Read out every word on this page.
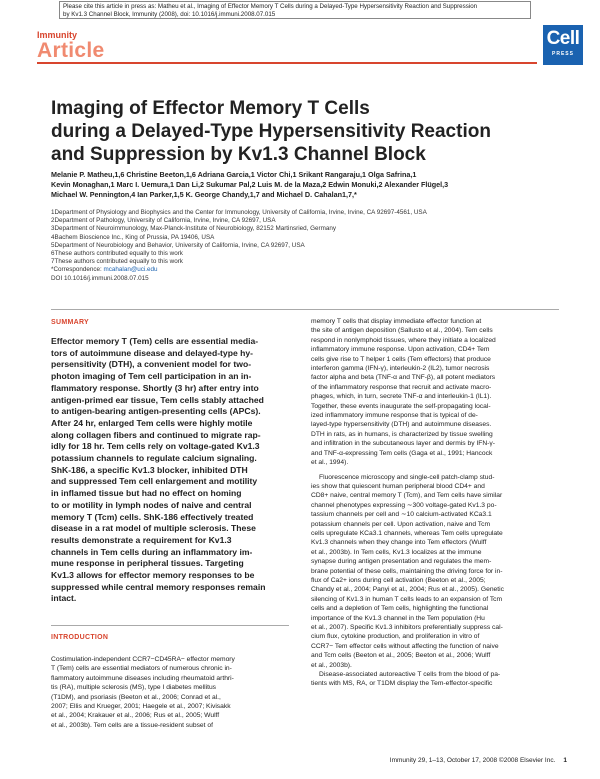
Please cite this article in press as: Matheu et al., Imaging of Effector Memory T Cells during a Delayed-Type Hypersensitivity Reaction and Suppression
by Kv1.3 Channel Block, Immunity (2008), doi: 10.1016/j.immuni.2008.07.015
Immunity
Article
Cell
PRESS
Imaging of Effector Memory T Cells
during a Delayed-Type Hypersensitivity Reaction
and Suppression by Kv1.3 Channel Block
Melanie P. Matheu,1,6 Christine Beeton,1,6 Adriana Garcia,1 Victor Chi,1 Srikant Rangaraju,1 Olga Safrina,1
Kevin Monaghan,1 Marc I. Uemura,1 Dan Li,2 Sukumar Pal,2 Luis M. de la Maza,2 Edwin Monuki,2 Alexander Flügel,3
Michael W. Pennington,4 Ian Parker,1,5 K. George Chandy,1,7 and Michael D. Cahalan1,7,*
1Department of Physiology and Biophysics and the Center for Immunology, University of California, Irvine, Irvine, CA 92697-4561, USA
2Department of Pathology, University of California, Irvine, Irvine, CA 92697, USA
3Department of Neuroimmunology, Max-Planck-Institute of Neurobiology, 82152 Martinsried, Germany
4Bachem Bioscience Inc., King of Prussia, PA 19406, USA
5Department of Neurobiology and Behavior, University of California, Irvine, CA 92697, USA
6These authors contributed equally to this work
7These authors contributed equally to this work
*Correspondence: mcahalan@uci.edu
DOI 10.1016/j.immuni.2008.07.015
SUMMARY
Effector memory T (Tem) cells are essential media-
tors of autoimmune disease and delayed-type hy-
persensitivity (DTH), a convenient model for two-
photon imaging of Tem cell participation in an in-
flammatory response. Shortly (3 hr) after entry into
antigen-primed ear tissue, Tem cells stably attached
to antigen-bearing antigen-presenting cells (APCs).
After 24 hr, enlarged Tem cells were highly motile
along collagen fibers and continued to migrate rap-
idly for 18 hr. Tem cells rely on voltage-gated Kv1.3
potassium channels to regulate calcium signaling.
ShK-186, a specific Kv1.3 blocker, inhibited DTH
and suppressed Tem cell enlargement and motility
in inflamed tissue but had no effect on homing
to or motility in lymph nodes of naive and central
memory T (Tcm) cells. ShK-186 effectively treated
disease in a rat model of multiple sclerosis. These
results demonstrate a requirement for Kv1.3
channels in Tem cells during an inflammatory im-
mune response in peripheral tissues. Targeting
Kv1.3 allows for effector memory responses to be
suppressed while central memory responses remain
intact.
INTRODUCTION
Costimulation-independent CCR7−CD45RA− effector memory
T (Tem) cells are essential mediators of numerous chronic in-
flammatory autoimmune diseases including rheumatoid arthri-
tis (RA), multiple sclerosis (MS), type I diabetes mellitus
(T1DM), and psoriasis (Beeton et al., 2006; Conrad et al.,
2007; Ellis and Krueger, 2001; Haegele et al., 2007; Kivisakk
et al., 2004; Krakauer et al., 2006; Rus et al., 2005; Wulff
et al., 2003b). Tem cells are a tissue-resident subset of
memory T cells that display immediate effector function at
the site of antigen deposition (Sallusto et al., 2004). Tem cells
respond in nonlymphoid tissues, where they initiate a localized
inflammatory immune response. Upon activation, CD4+ Tem
cells give rise to T helper 1 cells (Tem effectors) that produce
interferon gamma (IFN-γ), interleukin-2 (IL2), tumor necrosis
factor alpha and beta (TNF-α and TNF-β), all potent mediators
of the inflammatory response that recruit and activate macro-
phages, which, in turn, secrete TNF-α and interleukin-1 (IL1).
Together, these events inaugurate the self-propagating local-
ized inflammatory immune response that is typical of de-
layed-type hypersensitivity (DTH) and autoimmune diseases.
DTH in rats, as in humans, is characterized by tissue swelling
and infiltration in the subcutaneous layer and dermis by IFN-γ-
and TNF-α-expressing Tem cells (Gaga et al., 1991; Hancock
et al., 1994).
Fluorescence microscopy and single-cell patch-clamp stud-
ies show that quiescent human peripheral blood CD4+ and
CD8+ naive, central memory T (Tcm), and Tem cells have similar
channel phenotypes expressing ∼300 voltage-gated Kv1.3 po-
tassium channels per cell and ∼10 calcium-activated KCa3.1
potassium channels per cell. Upon activation, naive and Tcm
cells upregulate KCa3.1 channels, whereas Tem cells upregulate
Kv1.3 channels when they change into Tem effectors (Wulff
et al., 2003b). In Tem cells, Kv1.3 localizes at the immune
synapse during antigen presentation and regulates the mem-
brane potential of these cells, maintaining the driving force for in-
flux of Ca2+ ions during cell activation (Beeton et al., 2005;
Chandy et al., 2004; Panyi et al., 2004; Rus et al., 2005). Genetic
silencing of Kv1.3 in human T cells leads to an expansion of Tcm
cells and a depletion of Tem cells, highlighting the functional
importance of the Kv1.3 channel in the Tem population (Hu
et al., 2007). Specific Kv1.3 inhibitors preferentially suppress cal-
cium flux, cytokine production, and proliferation in vitro of
CCR7− Tem effector cells without affecting the function of naive
and Tcm cells (Beeton et al., 2005; Beeton et al., 2006; Wulff
et al., 2003b).
Disease-associated autoreactive T cells from the blood of pa-
tients with MS, RA, or T1DM display the Tem-effector-specific
Immunity 29, 1–13, October 17, 2008 ©2008 Elsevier Inc. 1
